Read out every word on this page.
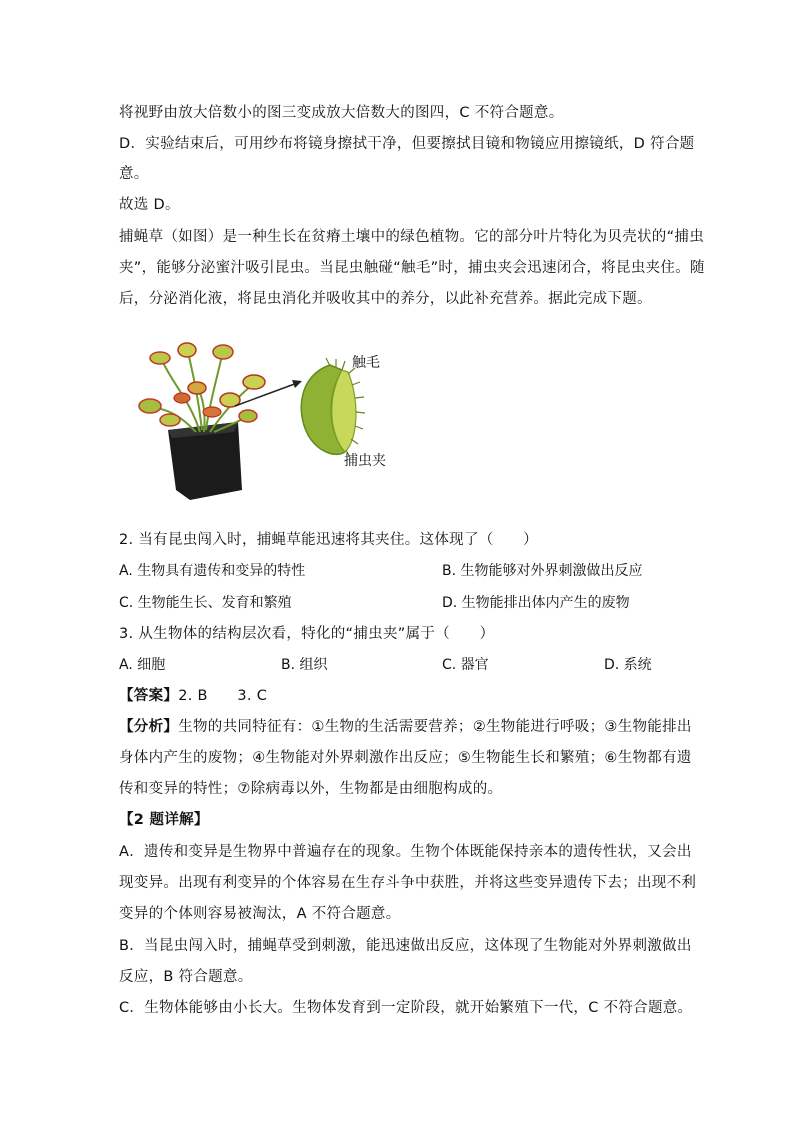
将视野由放大倍数小的图三变成放大倍数大的图四，C 不符合题意。
D．实验结束后，可用纱布将镜身擦拭干净，但要擦拭目镜和物镜应用擦镜纸，D 符合题
意。
故选 D。
捕蝇草（如图）是一种生长在贫瘠土壤中的绿色植物。它的部分叶片特化为贝壳状的“捕虫
夹”，能够分泌蜜汁吸引昆虫。当昆虫触碰“触毛”时，捕虫夹会迅速闭合，将昆虫夹住。随
后，分泌消化液，将昆虫消化并吸收其中的养分，以此补充营养。据此完成下题。
触毛
捕虫夹
2. 当有昆虫闯入时，捕蝇草能迅速将其夹住。这体现了（　　）
A. 生物具有遗传和变异的特性	B. 生物能够对外界刺激做出反应
C. 生物能生长、发育和繁殖	D. 生物能排出体内产生的废物
3. 从生物体的结构层次看，特化的“捕虫夹”属于（　　）
A. 细胞	B. 组织	C. 器官	D. 系统
【答案】2. B　　3. C
【分析】生物的共同特征有：①生物的生活需要营养；②生物能进行呼吸；③生物能排出
身体内产生的废物；④生物能对外界刺激作出反应；⑤生物能生长和繁殖；⑥生物都有遗
传和变异的特性；⑦除病毒以外，生物都是由细胞构成的。
【2 题详解】
A．遗传和变异是生物界中普遍存在的现象。生物个体既能保持亲本的遗传性状，又会出
现变异。出现有利变异的个体容易在生存斗争中获胜，并将这些变异遗传下去；出现不利
变异的个体则容易被淘汰，A 不符合题意。
B．当昆虫闯入时，捕蝇草受到刺激，能迅速做出反应，这体现了生物能对外界刺激做出
反应，B 符合题意。
C．生物体能够由小长大。生物体发育到一定阶段，就开始繁殖下一代，C 不符合题意。
